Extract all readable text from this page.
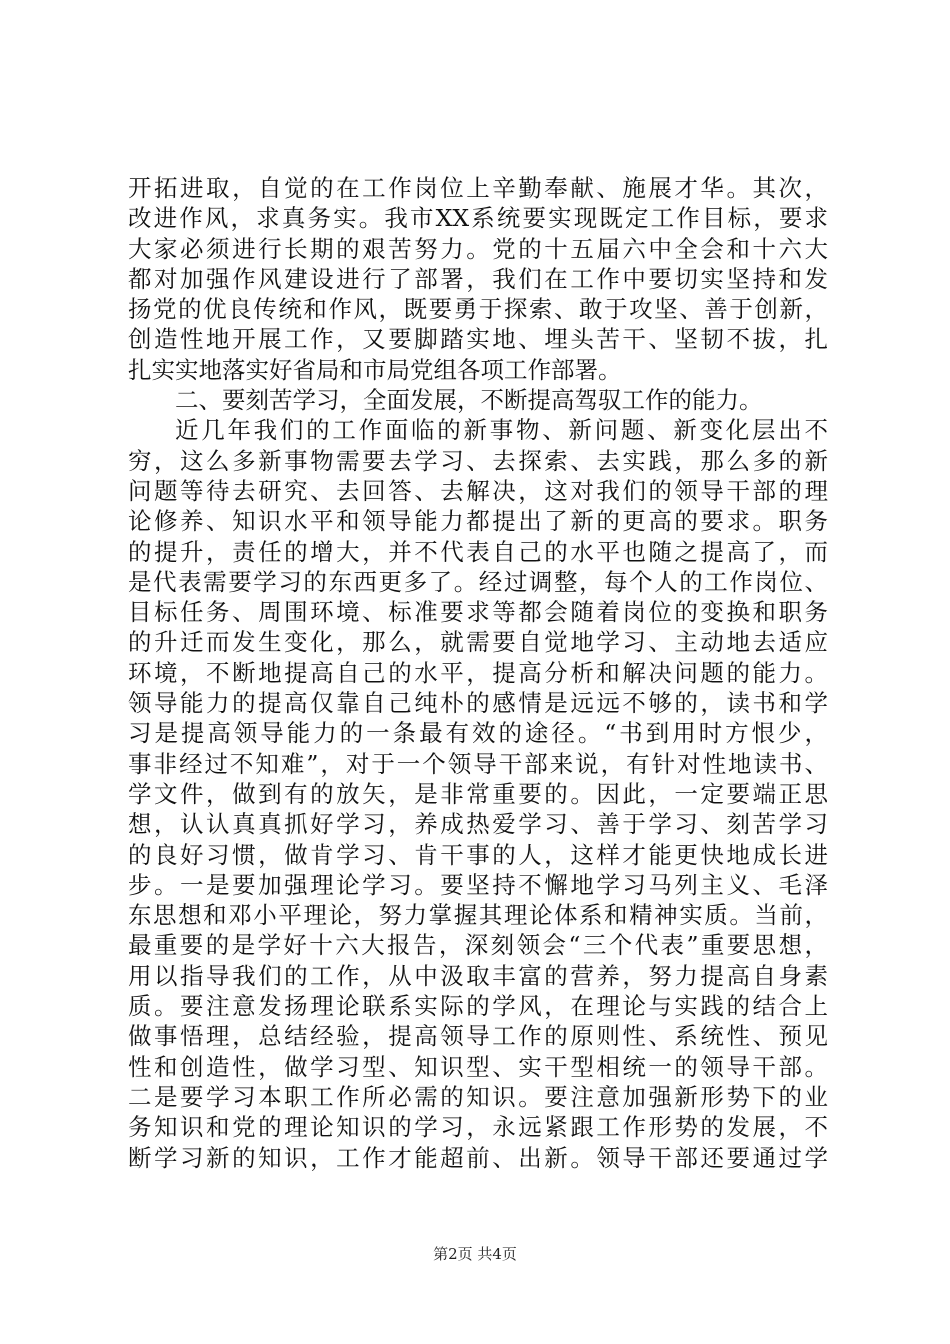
开拓进取，自觉的在工作岗位上辛勤奉献、施展才华。其次，
改进作风，求真务实。我市XX系统要实现既定工作目标，要求
大家必须进行长期的艰苦努力。党的十五届六中全会和十六大
都对加强作风建设进行了部署，我们在工作中要切实坚持和发
扬党的优良传统和作风，既要勇于探索、敢于攻坚、善于创新，
创造性地开展工作，又要脚踏实地、埋头苦干、坚韧不拔，扎
扎实实地落实好省局和市局党组各项工作部署。
二、要刻苦学习，全面发展，不断提高驾驭工作的能力。
近几年我们的工作面临的新事物、新问题、新变化层出不
穷，这么多新事物需要去学习、去探索、去实践，那么多的新
问题等待去研究、去回答、去解决，这对我们的领导干部的理
论修养、知识水平和领导能力都提出了新的更高的要求。职务
的提升，责任的增大，并不代表自己的水平也随之提高了，而
是代表需要学习的东西更多了。经过调整，每个人的工作岗位、
目标任务、周围环境、标准要求等都会随着岗位的变换和职务
的升迁而发生变化，那么，就需要自觉地学习、主动地去适应
环境，不断地提高自己的水平，提高分析和解决问题的能力。
领导能力的提高仅靠自己纯朴的感情是远远不够的，读书和学
习是提高领导能力的一条最有效的途径。“书到用时方恨少，
事非经过不知难”，对于一个领导干部来说，有针对性地读书、
学文件，做到有的放矢，是非常重要的。因此，一定要端正思
想，认认真真抓好学习，养成热爱学习、善于学习、刻苦学习
的良好习惯，做肯学习、肯干事的人，这样才能更快地成长进
步。一是要加强理论学习。要坚持不懈地学习马列主义、毛泽
东思想和邓小平理论，努力掌握其理论体系和精神实质。当前，
最重要的是学好十六大报告，深刻领会“三个代表”重要思想，
用以指导我们的工作，从中汲取丰富的营养，努力提高自身素
质。要注意发扬理论联系实际的学风，在理论与实践的结合上
做事悟理，总结经验，提高领导工作的原则性、系统性、预见
性和创造性，做学习型、知识型、实干型相统一的领导干部。
二是要学习本职工作所必需的知识。要注意加强新形势下的业
务知识和党的理论知识的学习，永远紧跟工作形势的发展，不
断学习新的知识，工作才能超前、出新。领导干部还要通过学
第2页 共4页
